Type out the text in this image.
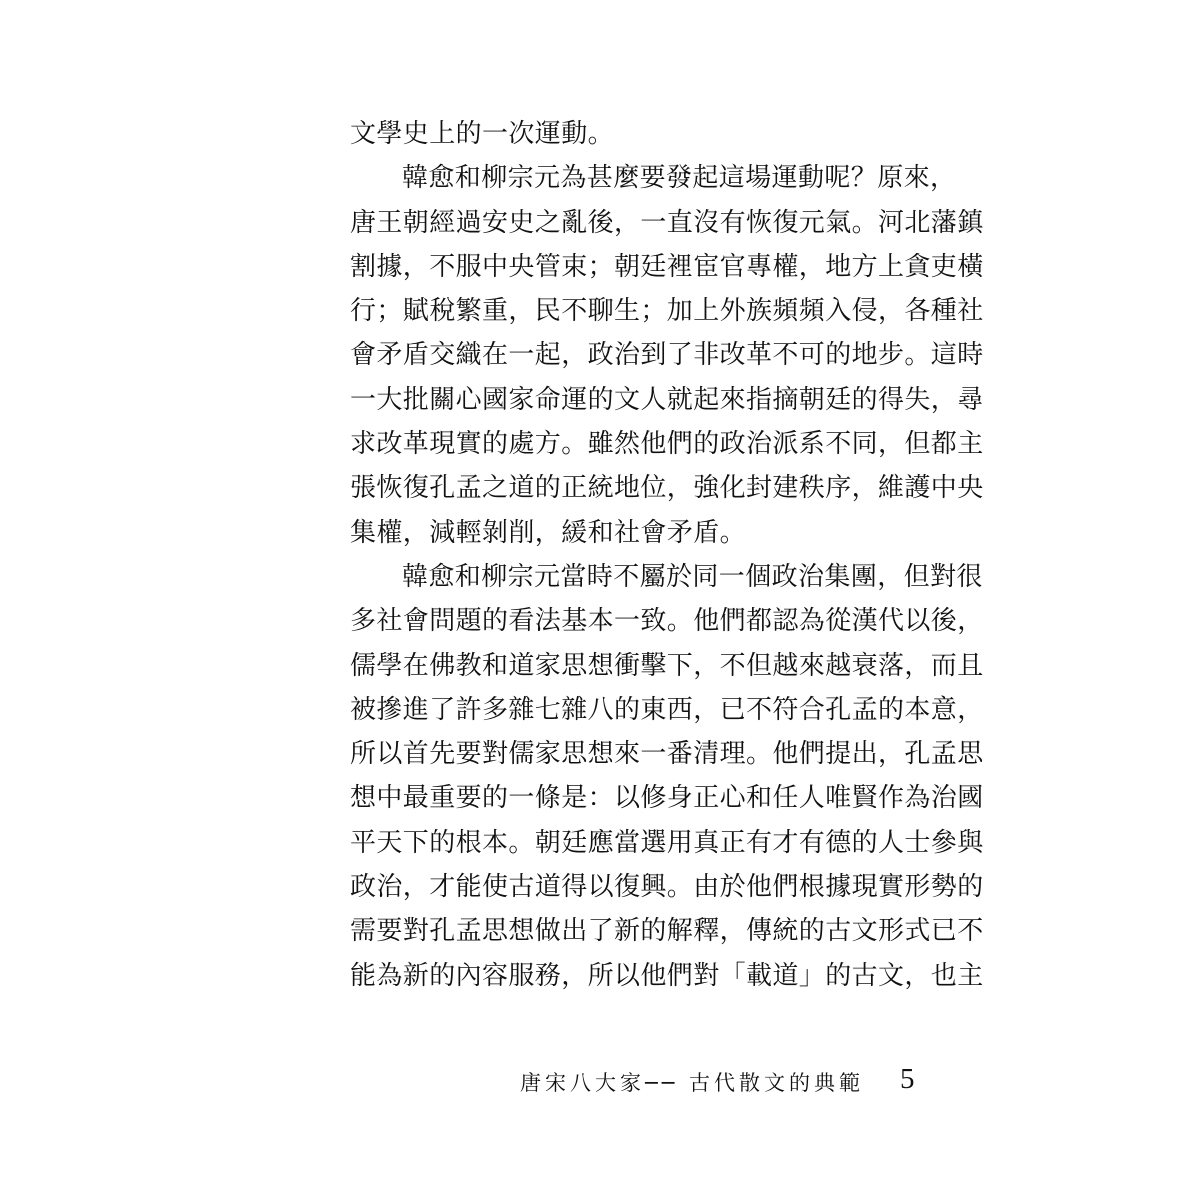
文學史上的一次運動。
韓愈和柳宗元為甚麼要發起這場運動呢？原來，
唐王朝經過安史之亂後，一直沒有恢復元氣。河北藩鎮
割據，不服中央管束；朝廷裡宦官專權，地方上貪吏橫
行；賦稅繁重，民不聊生；加上外族頻頻入侵，各種社
會矛盾交織在一起，政治到了非改革不可的地步。這時
一大批關心國家命運的文人就起來指摘朝廷的得失，尋
求改革現實的處方。雖然他們的政治派系不同，但都主
張恢復孔孟之道的正統地位，強化封建秩序，維護中央
集權，減輕剝削，緩和社會矛盾。
韓愈和柳宗元當時不屬於同一個政治集團，但對很
多社會問題的看法基本一致。他們都認為從漢代以後，
儒學在佛教和道家思想衝擊下，不但越來越衰落，而且
被摻進了許多雜七雜八的東西，已不符合孔孟的本意，
所以首先要對儒家思想來一番清理。他們提出，孔孟思
想中最重要的一條是：以修身正心和任人唯賢作為治國
平天下的根本。朝廷應當選用真正有才有德的人士參與
政治，才能使古道得以復興。由於他們根據現實形勢的
需要對孔孟思想做出了新的解釋，傳統的古文形式已不
能為新的內容服務，所以他們對「載道」的古文，也主
唐宋八大家── 古代散文的典範 5
